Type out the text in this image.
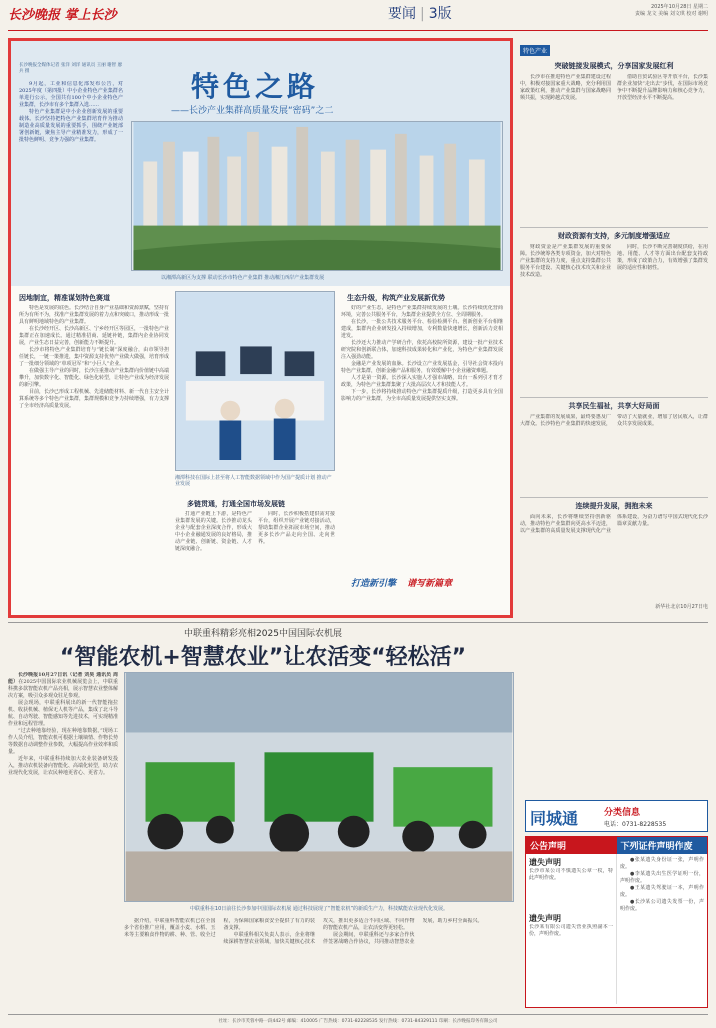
长沙晚报 掌上长沙	要闻 | 3版	2025年10月28日 星期二
责编 龙文 美编 刘文琪 校对 谢明
长沙晚报全媒体记者 张洋 刘洋 通讯员 王丽 谢智 廖兵 摄

9月起，工业和信息化部发布公告，对2025年度（第四批）中小企业特色产业集群名单进行公示，全国共有100个中小企业特色产业集群，长沙市有多个集群入选……

特色产业集群是中小企业创新发展的重要载体。长沙坚持把特色产业集群培育作为推动制造业高质量发展的重要抓手，围绕产业链部署创新链，聚焦主导产业精准发力，形成了一批特色鲜明、竞争力强的产业集群。

特色之路
——长沙产业集群高质量发展“密码”之二
以湘潭高新区为支撑 联动长沙市特色产业集群 推动湘江西岸产业集群发展
因地制宜，精准谋划特色赛道

特色是发展的底色。长沙结合自身产业基础和资源禀赋，坚持有所为有所不为，找准产业集群发展的着力点和突破口，推动形成一批具有鲜明地域特色的产业集群。

在长沙经开区、长沙高新区、宁乡经开区等园区，一批特色产业集群正在加速成长。通过精准招商、延链补链，集群内企业协同发展，产业生态日益完善，创新能力不断提升。

长沙市将特色产业集群培育与“链长制”深度融合，由市领导担任链长，一链一策推进，集中资源支持优势产业做大做强，培育形成了一批细分领域的“单项冠军”和“小巨人”企业。

在做强主导产业的同时，长沙注重推动产业集群向价值链中高端攀升，加快数字化、智能化、绿色化转型，让特色产业成为经济发展的新引擎。

目前，长沙已形成工程机械、先进储能材料、新一代自主安全计算系统等多个特色产业集群，集群规模和竞争力持续增强，有力支撑了全市经济高质量发展。

湘潭科技在国际上甚至将人工智能数据领域中作为国产提质计划 推动产业发展
多链贯通，打通全国市场发展链

打通产业链上下游，是特色产业集群发展的关键。长沙推动龙头企业与配套企业深度合作，形成大中小企业融通发展的良好格局，推动产业链、创新链、资金链、人才链深度融合。

同时，长沙积极搭建供需对接平台，组织开展产业链对接活动，帮助集群企业拓展市场空间，推动更多长沙产品走向全国、走向世界。

生态升级，构筑产业发展新优势

好的产业生态，是特色产业集群持续发展的土壤。长沙持续优化营商环境，完善公共服务平台，为集群企业提供全方位、全周期服务。

在长沙，一批公共技术服务平台、检验检测平台、创新创业平台相继建成，集群内企业研发投入持续增加，专利数量快速增长，创新活力竞相迸发。

长沙还大力推动产学研合作，依托高校院所资源，建设一批产业技术研究院和创新联合体，加速科技成果转化和产业化，为特色产业集群发展注入强劲动能。

金融是产业发展的血脉。长沙设立产业发展基金，引导社会资本投向特色产业集群，创新金融产品和服务，有效缓解中小企业融资难题。

人才是第一资源。长沙深入实施人才强市战略，出台一系列引才育才政策，为特色产业集群集聚了大批高层次人才和技能人才。

下一步，长沙将持续推动特色产业集群提质升级，打造更多具有全国影响力的产业集群，为全市高质量发展提供坚实支撑。

打造新引擎 谱写新篇章
特色产业
突破链接发展模式，分享国家发展红利

长沙市在推进特色产业集群建设过程中，积极对接国家重大战略，充分利用国家政策红利，推动产业集群与国家战略同频共振，实现跨越式发展。

借助自贸试验区等开放平台，长沙集群企业加快“走出去”步伐，在国际市场竞争中不断提升品牌影响力和核心竞争力，开放型经济水平不断提高。

财政资源有支持，多元制度增强适应

财政资金是产业集群发展的重要保障。长沙统筹各类专项资金，加大对特色产业集群的支持力度，重点支持集群公共服务平台建设、关键核心技术攻关和企业技术改造。

同时，长沙不断完善制度供给，在用地、用能、人才等方面出台配套支持政策，形成了政策合力，有效增强了集群发展的适应性和韧性。

共享民生福祉，共享大好局面

产业集群的发展成果，最终要惠及广大群众。长沙特色产业集群的快速发展，带动了大量就业，增加了居民收入，让群众共享发展成果。

连续提升发展，拥抱未来

面向未来，长沙将继续坚持创新驱动，推动特色产业集群向更高水平迈进，以产业集群的高质量发展支撑现代化产业体系建设，为奋力谱写中国式现代化长沙篇章贡献力量。

新华社北京10月27日电
中联重科精彩亮相2025中国国际农机展
“智能农机+智慧农业”让农活变“轻松活”

长沙晚报10月27日讯（记者 刘昊 通讯员 周能）在2025中国国际农业机械展览会上，中联重科携多款智能农机产品亮相，展示智慧农业整体解决方案，吸引众多观众驻足参观。

展会现场，中联重科展出的新一代智能拖拉机、收获机械、植保无人机等产品，集成了北斗导航、自动驾驶、智能感知等先进技术，可实现精准作业和远程管理。

“过去种地靠经验，现在种地靠数据。”现场工作人员介绍，智能农机可根据土壤墒情、作物长势等数据自动调整作业参数，大幅提高作业效率和质量。

近年来，中联重科持续加大农业装备研发投入，推动农机装备向智能化、高端化转型，助力农业现代化发展，让农民种地更省心、更省力。

中联重科在10日前往长沙参加中国国际农机展 通过科技展现了“智能农机”的新质生产力，科技赋能农业现代化发展。

据介绍，中联重科智能农机已在全国多个省份推广应用，覆盖小麦、水稻、玉米等主要粮食作物的耕、种、管、收全过程，为保障国家粮食安全提供了有力的装备支撑。

中联重科相关负责人表示，企业将继续深耕智慧农业领域，加快关键核心技术攻关，推出更多适合不同区域、不同作物的智能农机产品，让农活变得更轻松。

展会期间，中联重科还与多家合作伙伴签署战略合作协议，共同推动智慧农业发展，助力乡村全面振兴。

同城通	分类信息
电话：0731-8228535
公告声明	下列证件声明作废
遗失声明
长沙市某公司不慎遗失公章一枚，特此声明作废。
遗失声明
长沙某有限公司遗失营业执照副本一份，声明作废。

●张某遗失身份证一张，声明作废。

●李某遗失出生医学证明一份，声明作废。

●王某遗失驾驶证一本，声明作废。

●长沙某公司遗失发票一份，声明作废。

社址：长沙市芙蓉中路一段442号 邮编：410005 广告热线：0731-82228535 发行热线：0731-84329111 印刷：长沙晚报印务有限公司
